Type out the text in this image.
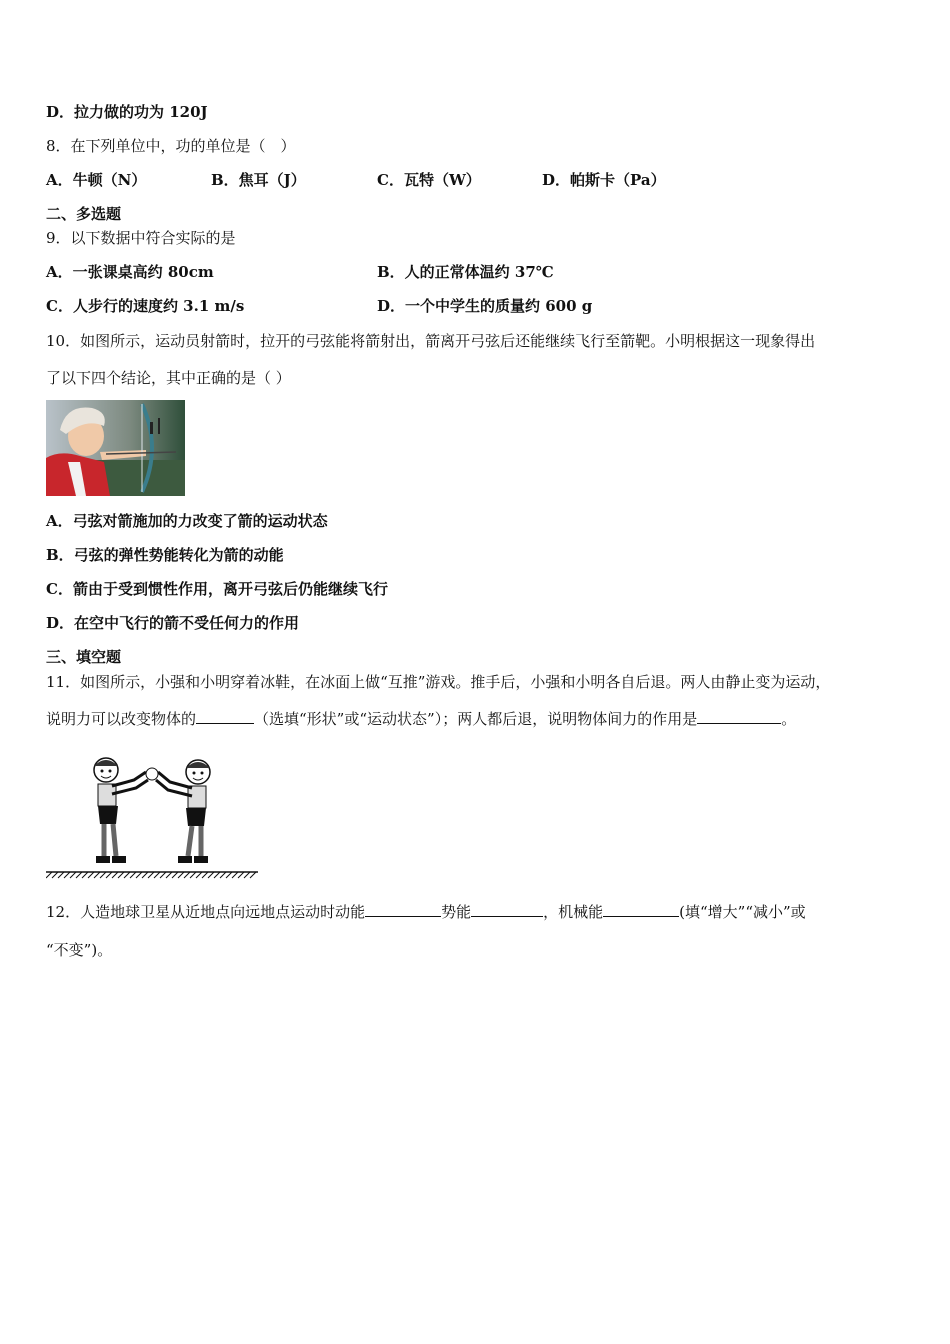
D．拉力做的功为 120J
8．在下列单位中，功的单位是（　）
A．牛顿（N）	B．焦耳（J）	C．瓦特（W）	D．帕斯卡（Pa）
二、多选题
9．以下数据中符合实际的是
A．一张课桌高约 80cm	B．人的正常体温约 37℃
C．人步行的速度约 3.1 m/s	D．一个中学生的质量约 600 g
10．如图所示，运动员射箭时，拉开的弓弦能将箭射出，箭离开弓弦后还能继续飞行至箭靶。小明根据这一现象得出
了以下四个结论，其中正确的是（ ）
A．弓弦对箭施加的力改变了箭的运动状态
B．弓弦的弹性势能转化为箭的动能
C．箭由于受到惯性作用，离开弓弦后仍能继续飞行
D．在空中飞行的箭不受任何力的作用
三、填空题
11．如图所示，小强和小明穿着冰鞋，在冰面上做“互推”游戏。推手后，小强和小明各自后退。两人由静止变为运动，
说明力可以改变物体的	（选填“形状”或“运动状态”）；两人都后退，说明物体间力的作用是	。
12．人造地球卫星从近地点向远地点运动时动能	势能	，机械能	(填“增大”“减小”或
“不变”)。
